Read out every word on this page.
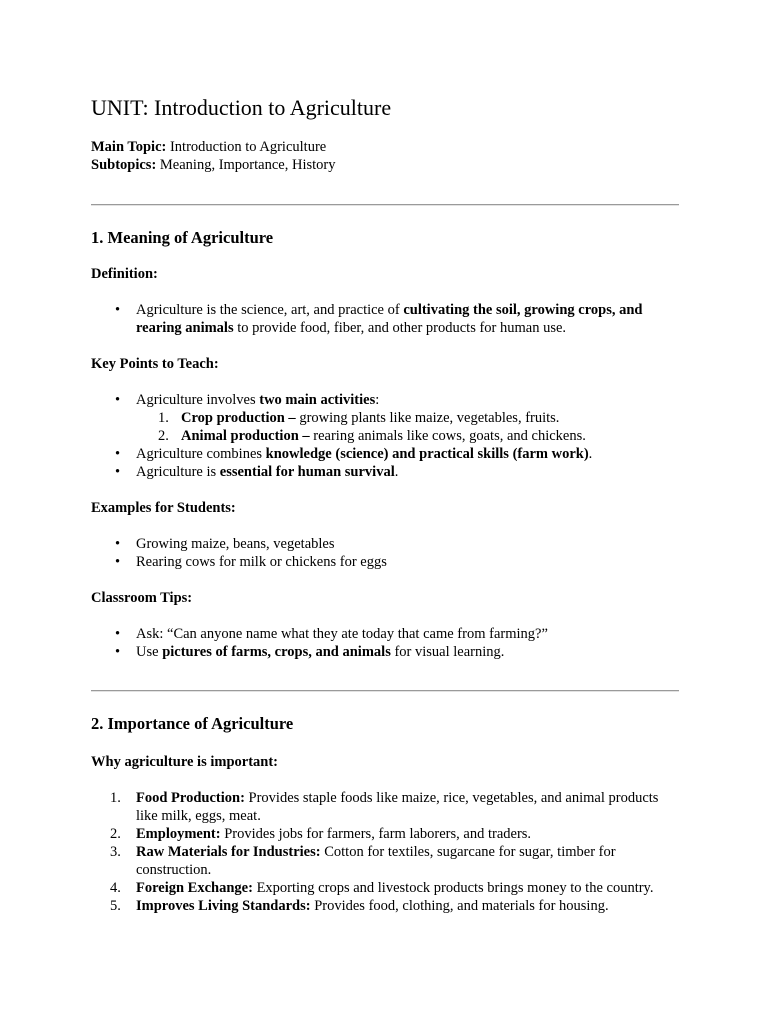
UNIT: Introduction to Agriculture
Main Topic: Introduction to Agriculture
Subtopics: Meaning, Importance, History
1. Meaning of Agriculture
Definition:
• Agriculture is the science, art, and practice of cultivating the soil, growing crops, and rearing animals to provide food, fiber, and other products for human use.
Key Points to Teach:
• Agriculture involves two main activities:
1. Crop production – growing plants like maize, vegetables, fruits.
2. Animal production – rearing animals like cows, goats, and chickens.
• Agriculture combines knowledge (science) and practical skills (farm work).
• Agriculture is essential for human survival.
Examples for Students:
• Growing maize, beans, vegetables
• Rearing cows for milk or chickens for eggs
Classroom Tips:
• Ask: “Can anyone name what they ate today that came from farming?”
• Use pictures of farms, crops, and animals for visual learning.
2. Importance of Agriculture
Why agriculture is important:
1. Food Production: Provides staple foods like maize, rice, vegetables, and animal products like milk, eggs, meat.
2. Employment: Provides jobs for farmers, farm laborers, and traders.
3. Raw Materials for Industries: Cotton for textiles, sugarcane for sugar, timber for construction.
4. Foreign Exchange: Exporting crops and livestock products brings money to the country.
5. Improves Living Standards: Provides food, clothing, and materials for housing.
